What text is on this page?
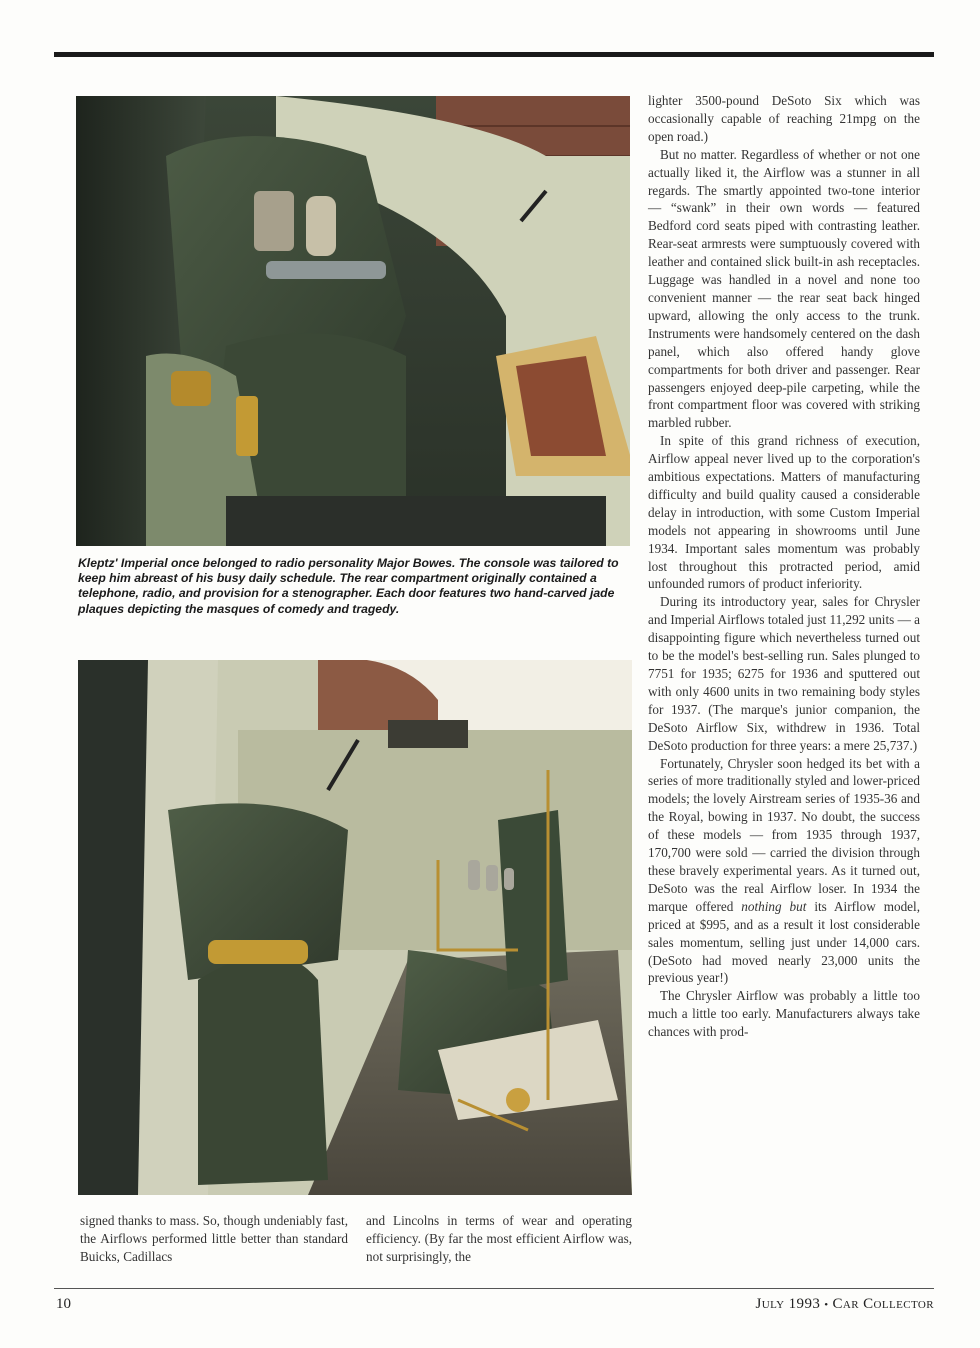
Kleptz' Imperial once belonged to radio personality Major Bowes. The console was tailored to keep him abreast of his busy daily schedule. The rear compartment originally contained a telephone, radio, and provision for a stenographer. Each door features two hand-carved jade plaques depicting the masques of comedy and tragedy.

lighter 3500-pound DeSoto Six which was occasionally capable of reaching 21mpg on the open road.)

But no matter. Regardless of whether or not one actually liked it, the Airflow was a stunner in all regards. The smartly appointed two-tone interior — “swank” in their own words — featured Bedford cord seats piped with contrasting leather. Rear-seat armrests were sumptuously covered with leather and contained slick built-in ash receptacles. Luggage was handled in a novel and none too convenient manner — the rear seat back hinged upward, allowing the only access to the trunk. Instruments were handsomely centered on the dash panel, which also offered handy glove compartments for both driver and passenger. Rear passengers enjoyed deep-pile carpeting, while the front compartment floor was covered with striking marbled rubber.

In spite of this grand richness of execution, Airflow appeal never lived up to the corporation's ambitious expectations. Matters of manufacturing difficulty and build quality caused a considerable delay in introduction, with some Custom Imperial models not appearing in showrooms until June 1934. Important sales momentum was probably lost throughout this protracted period, amid unfounded rumors of product inferiority.

During its introductory year, sales for Chrysler and Imperial Airflows totaled just 11,292 units — a disappointing figure which nevertheless turned out to be the model's best-selling run. Sales plunged to 7751 for 1935; 6275 for 1936 and sputtered out with only 4600 units in two remaining body styles for 1937. (The marque's junior companion, the DeSoto Airflow Six, withdrew in 1936. Total DeSoto production for three years: a mere 25,737.)

Fortunately, Chrysler soon hedged its bet with a series of more traditionally styled and lower-priced models; the lovely Airstream series of 1935-36 and the Royal, bowing in 1937. No doubt, the success of these models — from 1935 through 1937, 170,700 were sold — carried the division through these bravely experimental years. As it turned out, DeSoto was the real Airflow loser. In 1934 the marque offered nothing but its Airflow model, priced at $995, and as a result it lost considerable sales momentum, selling just under 14,000 cars. (DeSoto had moved nearly 23,000 units the previous year!)

The Chrysler Airflow was probably a little too much a little too early. Manufacturers always take chances with prod-

signed thanks to mass. So, though undeniably fast, the Airflows performed little better than standard Buicks, Cadillacs

and Lincolns in terms of wear and operating efficiency. (By far the most efficient Airflow was, not surprisingly, the

10	July 1993 • Car Collector
